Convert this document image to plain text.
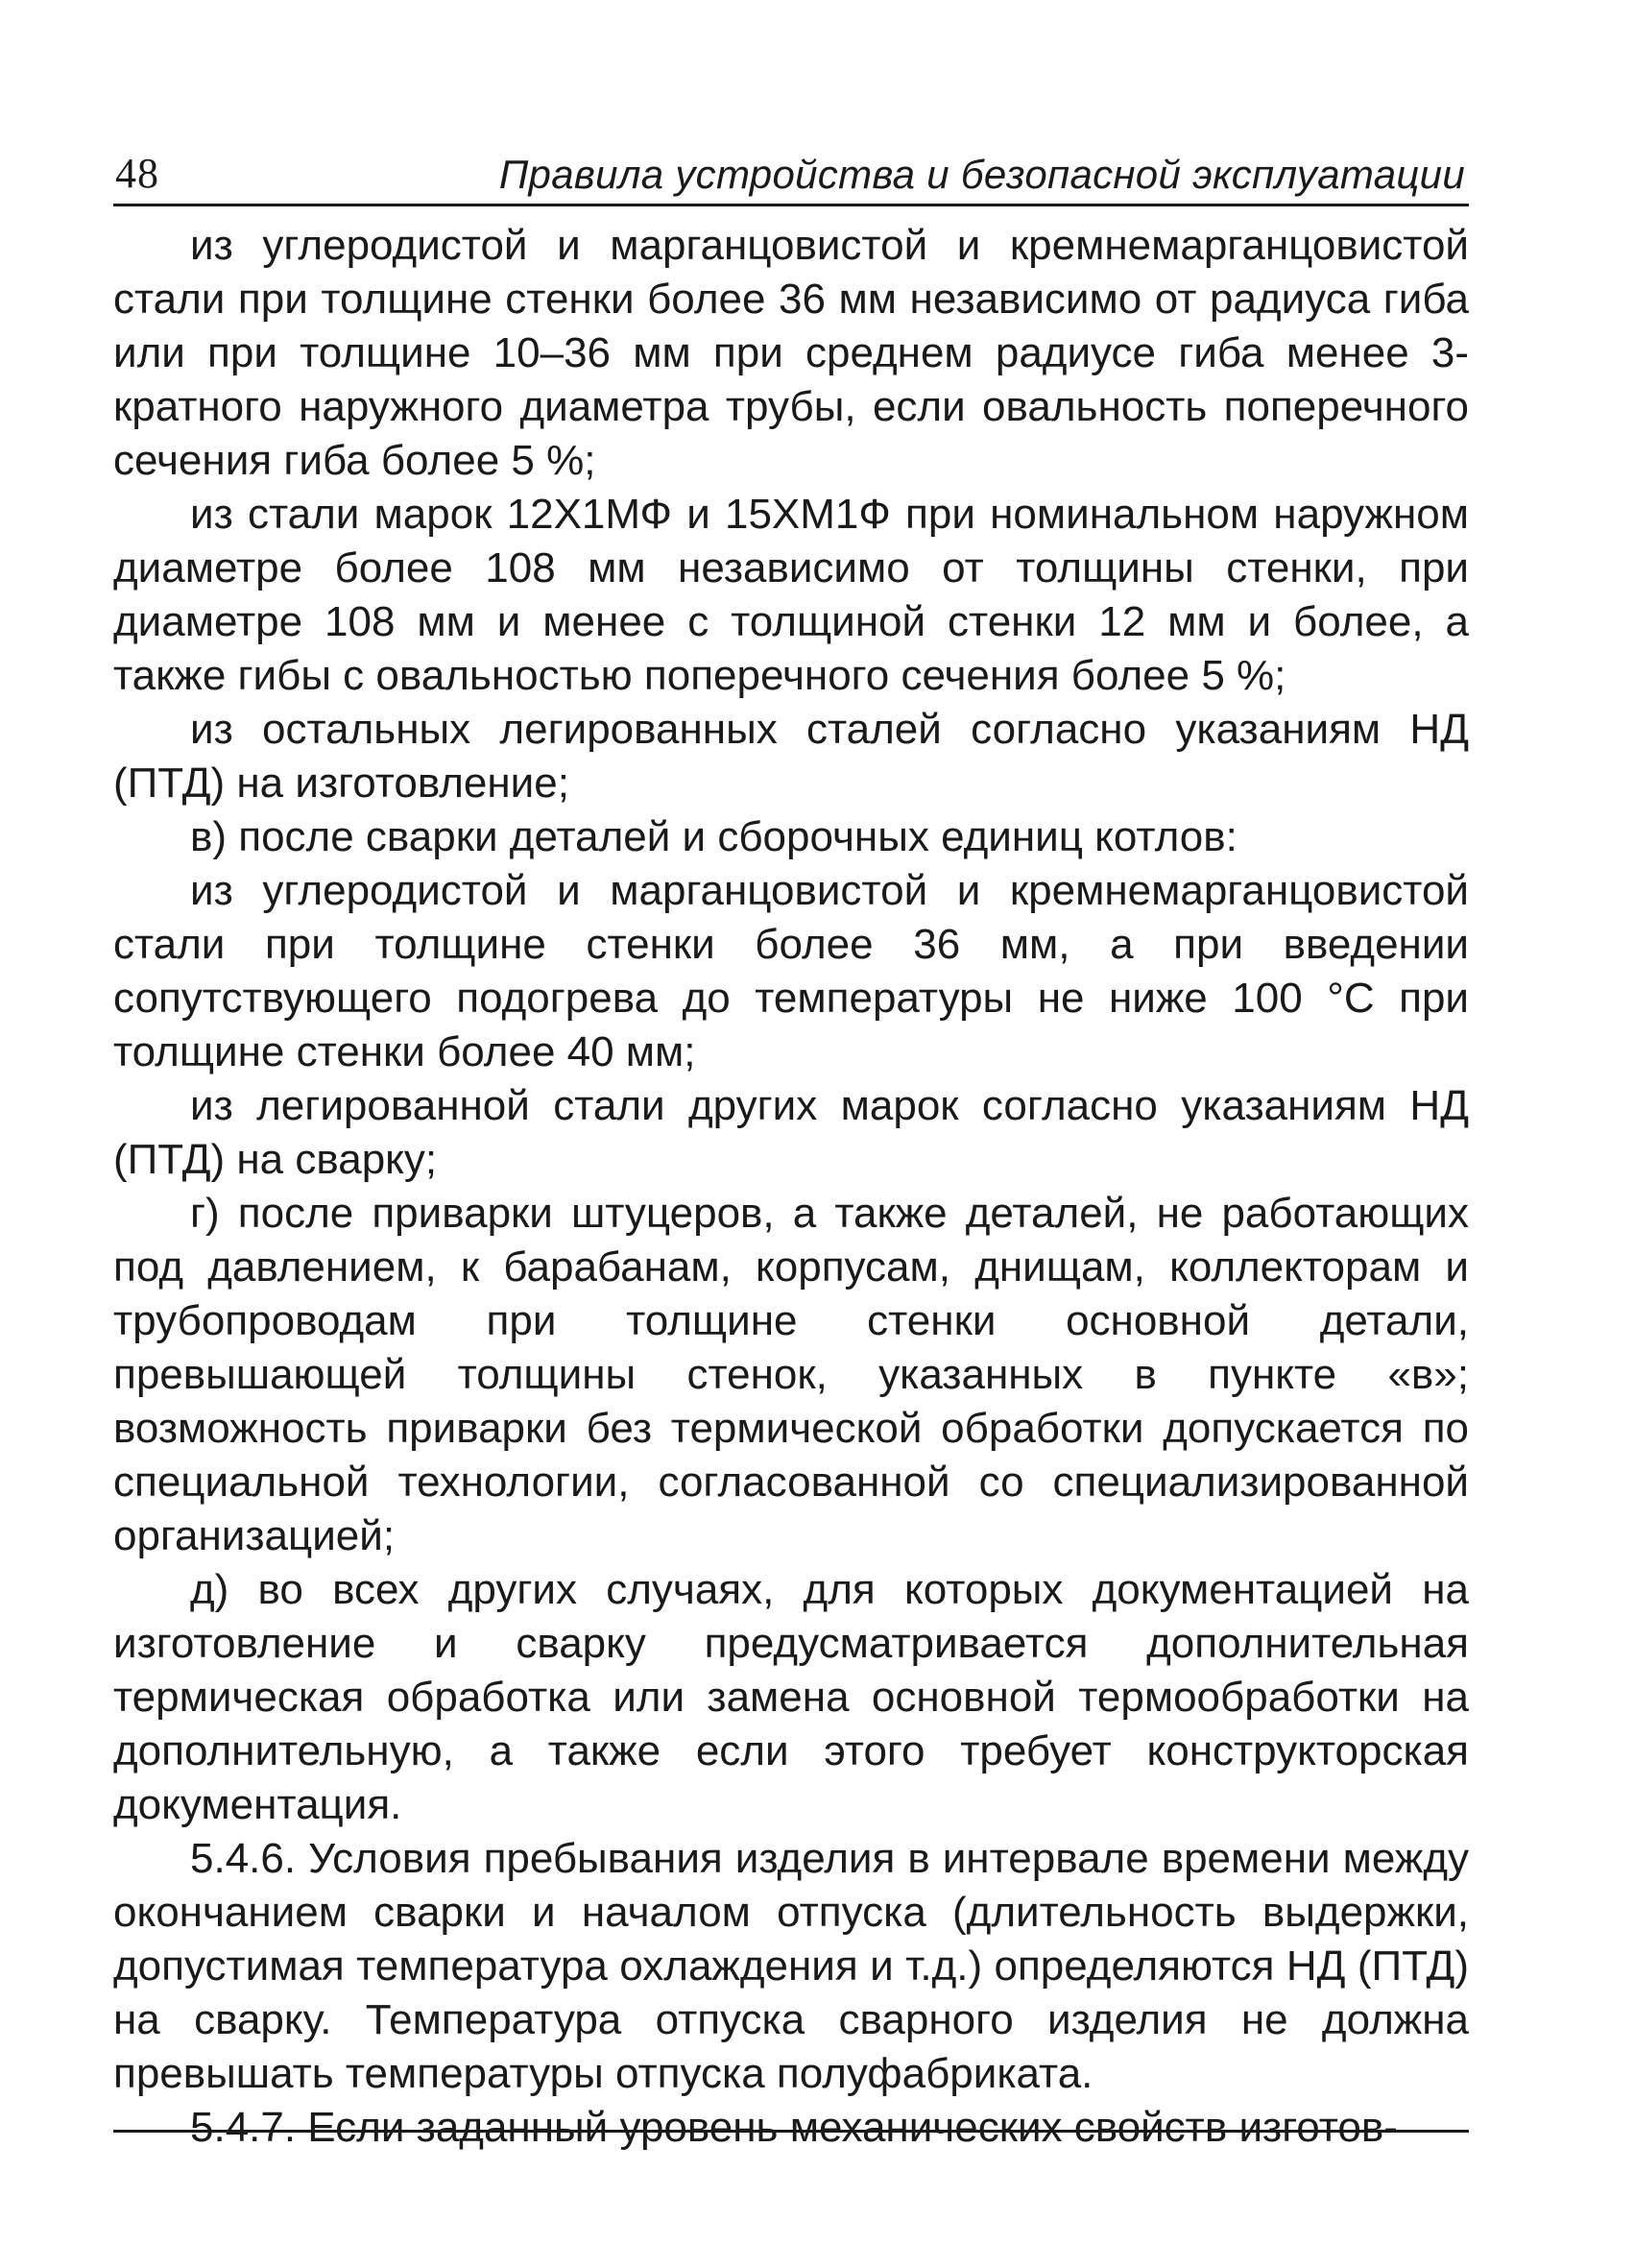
48	Правила устройства и безопасной эксплуатации

из углеродистой и марганцовистой и кремнемарганцовистой стали при толщине стенки более 36 мм независимо от радиуса гиба или при толщине 10–36 мм при среднем радиусе гиба менее 3-кратного наружного диаметра трубы, если овальность поперечного сечения гиба более 5 %;

из стали марок 12Х1МФ и 15ХМ1Ф при номинальном наружном диаметре более 108 мм независимо от толщины стенки, при диаметре 108 мм и менее с толщиной стенки 12 мм и более, а также гибы с овальностью поперечного сечения более 5 %;

из остальных легированных сталей согласно указаниям НД (ПТД) на изготовление;

в) после сварки деталей и сборочных единиц котлов:

из углеродистой и марганцовистой и кремнемарганцовистой стали при толщине стенки более 36 мм, а при введении сопутствующего подогрева до температуры не ниже 100 °С при толщине стенки более 40 мм;

из легированной стали других марок согласно указаниям НД (ПТД) на сварку;

г) после приварки штуцеров, а также деталей, не работающих под давлением, к барабанам, корпусам, днищам, коллекторам и трубопроводам при толщине стенки основной детали, превышающей толщины стенок, указанных в пункте «в»; возможность приварки без термической обработки допускается по специальной технологии, согласованной со специализированной организацией;

д) во всех других случаях, для которых документацией на изготовление и сварку предусматривается дополнительная термическая обработка или замена основной термообработки на дополнительную, а также если этого требует конструкторская документация.

5.4.6. Условия пребывания изделия в интервале времени между окончанием сварки и началом отпуска (длительность выдержки, допустимая температура охлаждения и т.д.) определяются НД (ПТД) на сварку. Температура отпуска сварного изделия не должна превышать температуры отпуска полуфабриката.

5.4.7. Если заданный уровень механических свойств изготов-
